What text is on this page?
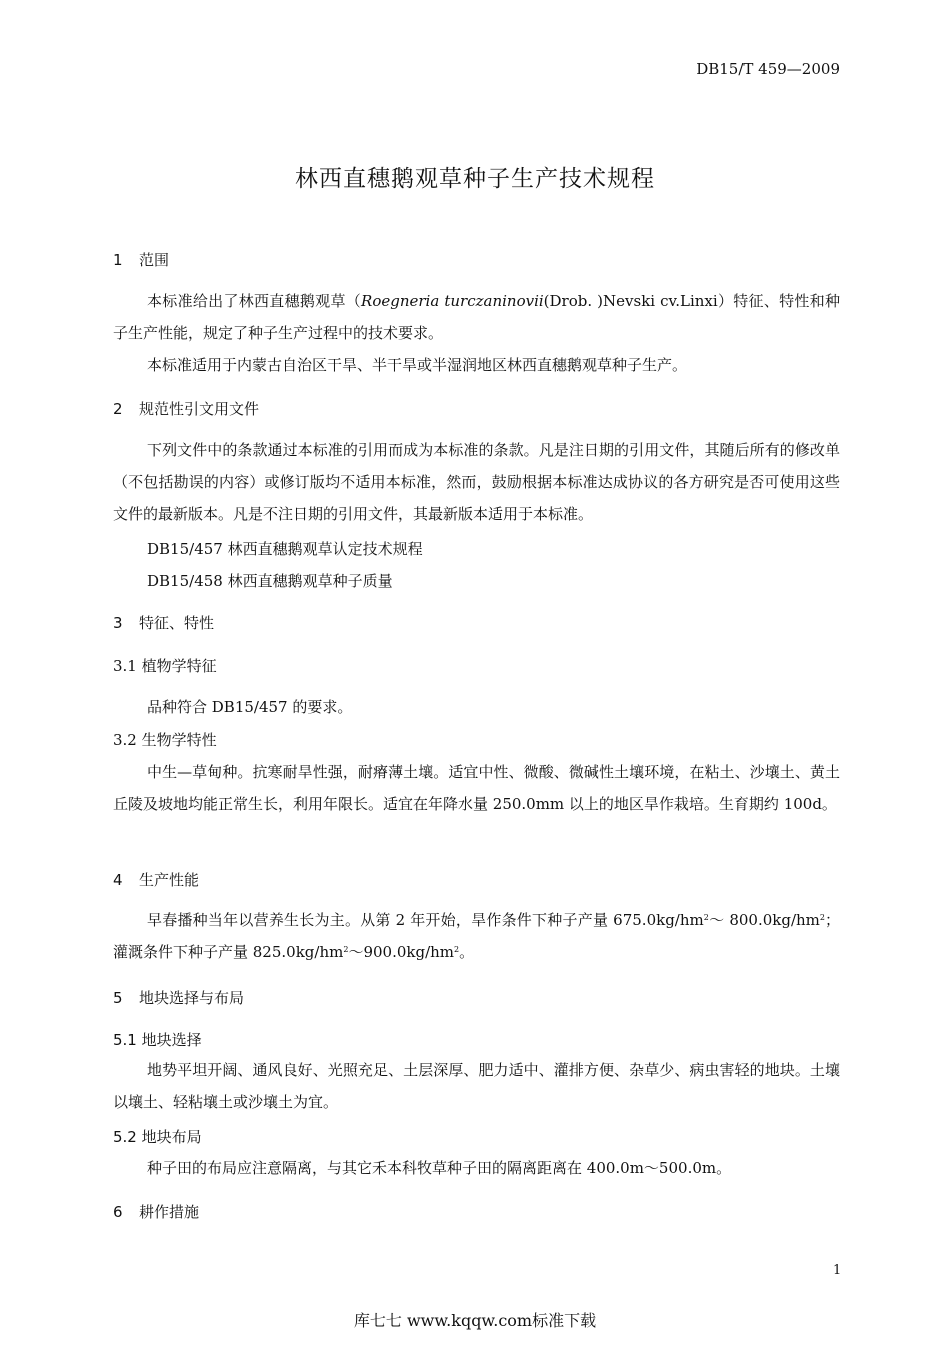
DB15/T 459—2009
林西直穗鹅观草种子生产技术规程
1 范围
本标准给出了林西直穗鹅观草（Roegneria turczaninovii(Drob. )Nevski cv.Linxi）特征、特性和种子生产性能，规定了种子生产过程中的技术要求。
本标准适用于内蒙古自治区干旱、半干旱或半湿润地区林西直穗鹅观草种子生产。
2 规范性引文用文件
下列文件中的条款通过本标准的引用而成为本标准的条款。凡是注日期的引用文件，其随后所有的修改单（不包括勘误的内容）或修订版均不适用本标准，然而，鼓励根据本标准达成协议的各方研究是否可使用这些文件的最新版本。凡是不注日期的引用文件，其最新版本适用于本标准。
DB15/457 林西直穗鹅观草认定技术规程
DB15/458 林西直穗鹅观草种子质量
3 特征、特性
3.1 植物学特征
品种符合 DB15/457 的要求。
3.2 生物学特性
中生—草甸种。抗寒耐旱性强，耐瘠薄土壤。适宜中性、微酸、微碱性土壤环境，在粘土、沙壤土、黄土丘陵及坡地均能正常生长，利用年限长。适宜在年降水量 250.0mm 以上的地区旱作栽培。生育期约 100d。
4 生产性能
早春播种当年以营养生长为主。从第 2 年开始，旱作条件下种子产量 $675.0kg/hm^2\sim$ $800.0kg/hm^2$；灌溉条件下种子产量 $825.0kg/hm^2\sim 900.0kg/hm^2$。
5 地块选择与布局
5.1 地块选择
地势平坦开阔、通风良好、光照充足、土层深厚、肥力适中、灌排方便、杂草少、病虫害轻的地块。土壤以壤土、轻粘壤土或沙壤土为宜。
5.2 地块布局
种子田的布局应注意隔离，与其它禾本科牧草种子田的隔离距离在 400.0m～500.0m。
6 耕作措施
1
库七七 www.kqqw.com标准下载
